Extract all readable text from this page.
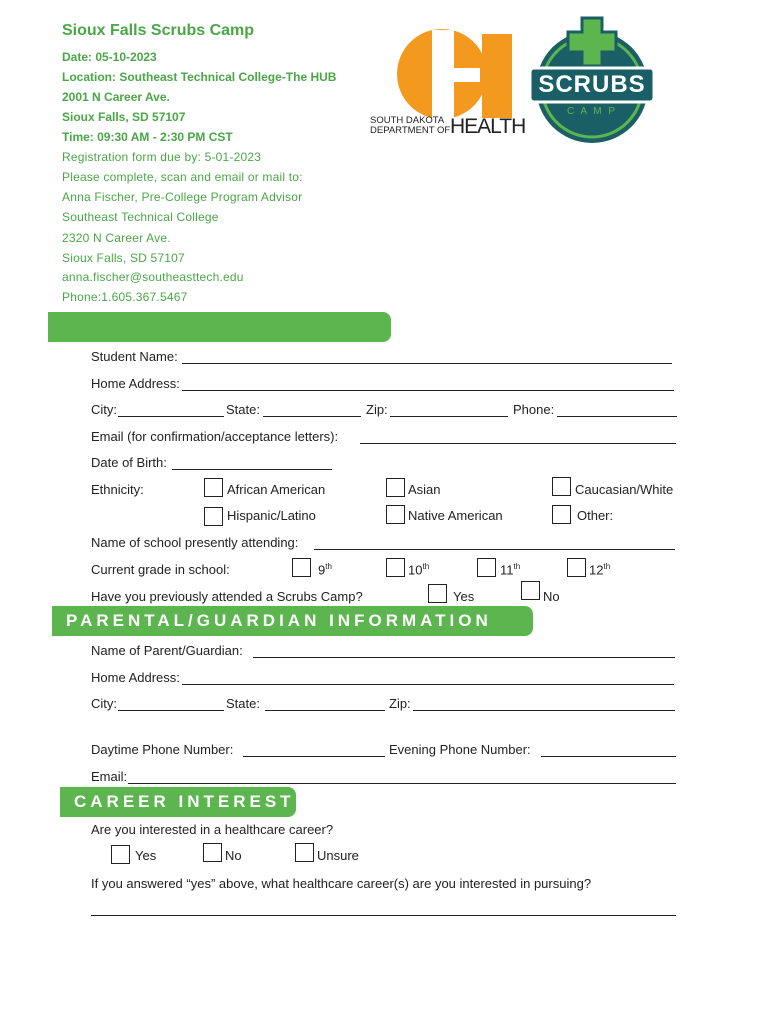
Sioux Falls Scrubs Camp
Date: 05-10-2023
Location: Southeast Technical College-The HUB
2001 N Career Ave.
Sioux Falls, SD 57107
Time: 09:30 AM - 2:30 PM CST
Registration form due by: 5-01-2023
Please complete, scan and email or mail to:
Anna Fischer, Pre-College Program Advisor
Southeast Technical College
2320 N Career Ave.
Sioux Falls, SD 57107
anna.fischer@southeasttech.edu
Phone:1.605.367.5467
SOUTH DAKOTA
DEPARTMENT OF HEALTH
SCRUBS
C A M P
Student Name:
Home Address:
City:	State:	Zip:	Phone:
Email (for confirmation/acceptance letters):
Date of Birth:
Ethnicity:	African American	Asian	Caucasian/White
Hispanic/Latino	Native American	Other:
Name of school presently attending:
Current grade in school:	9th	10th	11th	12th
Have you previously attended a Scrubs Camp?	Yes	No
PARENTAL/GUARDIAN INFORMATION
Name of Parent/Guardian:
Home Address:
City:	State:	Zip:
Daytime Phone Number:	Evening Phone Number:
Email:
CAREER INTEREST
Are you interested in a healthcare career?
Yes	No	Unsure
If you answered “yes” above, what healthcare career(s) are you interested in pursuing?
